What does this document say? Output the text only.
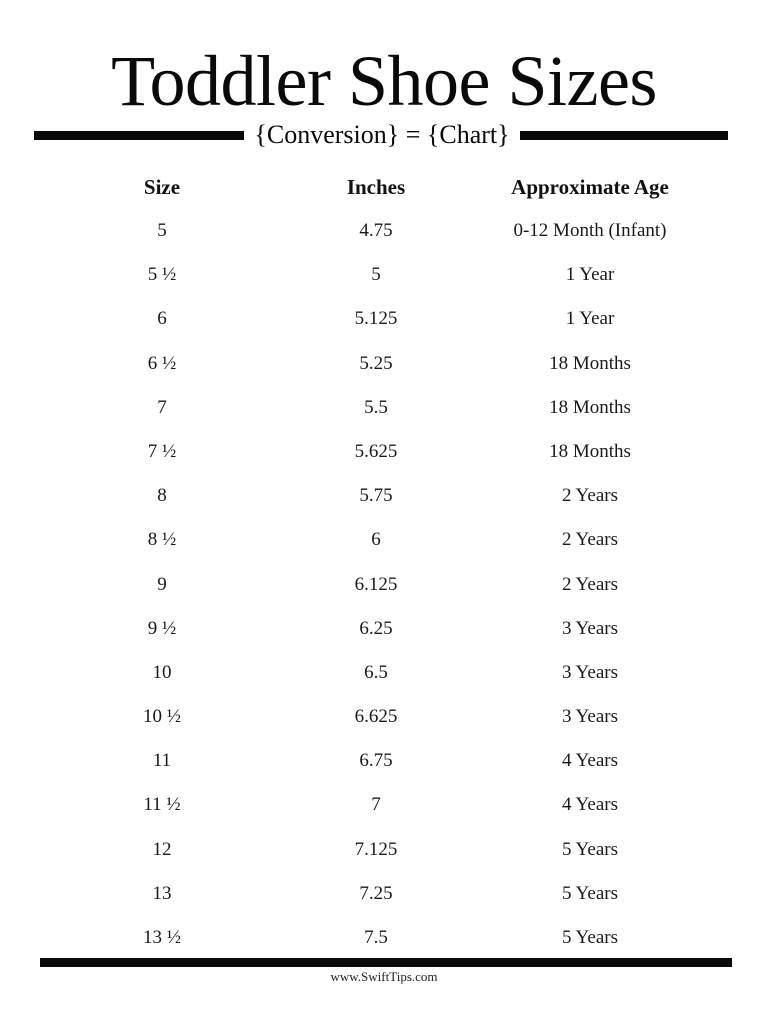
Toddler Shoe Sizes
{Conversion} = {Chart}
Size	Inches	Approximate Age
5	4.75	0-12 Month (Infant)
5 ½	5	1 Year
6	5.125	1 Year
6 ½	5.25	18 Months
7	5.5	18 Months
7 ½	5.625	18 Months
8	5.75	2 Years
8 ½	6	2 Years
9	6.125	2 Years
9 ½	6.25	3 Years
10	6.5	3 Years
10 ½	6.625	3 Years
11	6.75	4 Years
11 ½	7	4 Years
12	7.125	5 Years
13	7.25	5 Years
13 ½	7.5	5 Years
www.SwiftTips.com
